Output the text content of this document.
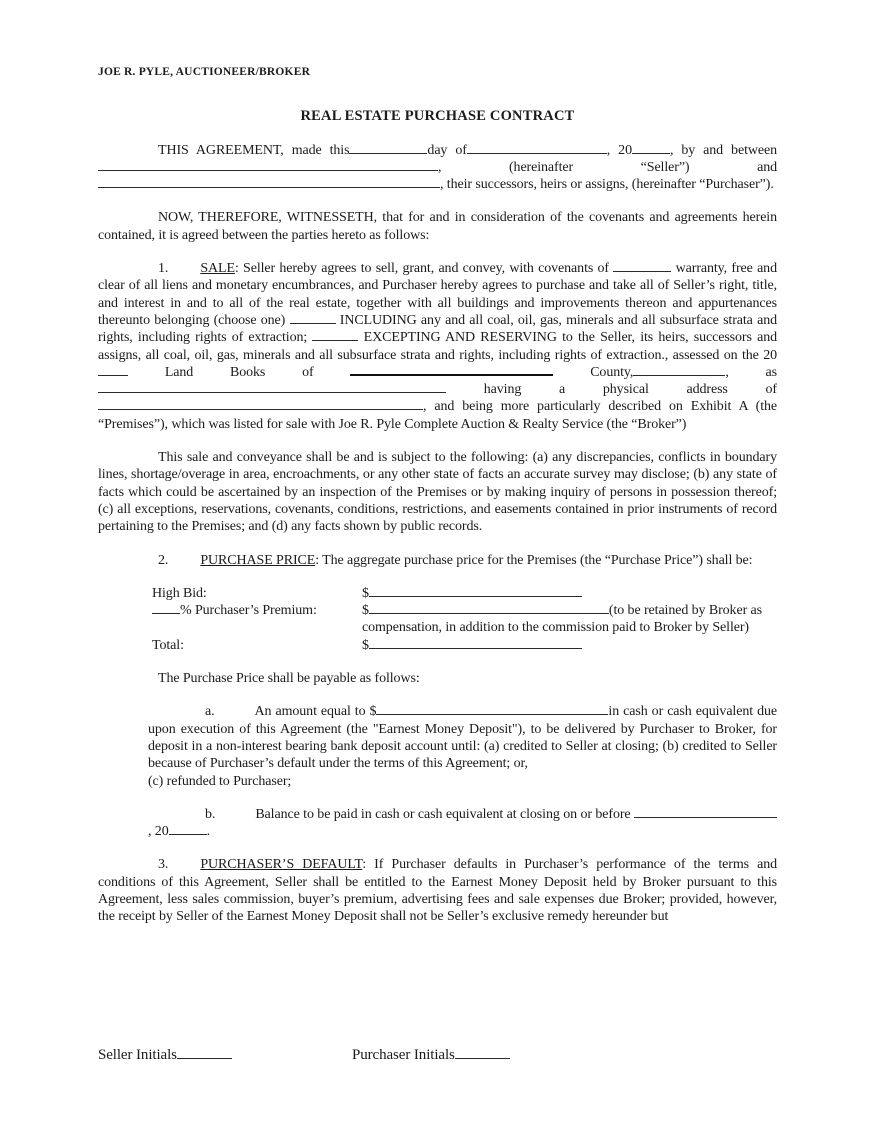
JOE R. PYLE, AUCTIONEER/BROKER
REAL ESTATE PURCHASE CONTRACT

THIS AGREEMENT, made this	day of	, 20	, by and between , (hereinafter “Seller”) and , their successors, heirs or assigns, (hereinafter “Purchaser”).

NOW, THEREFORE, WITNESSETH, that for and in consideration of the covenants and agreements herein contained, it is agreed between the parties hereto as follows:

1. SALE: Seller hereby agrees to sell, grant, and convey, with covenants of	warranty, free and clear of all liens and monetary encumbrances, and Purchaser hereby agrees to purchase and take all of Seller’s right, title, and interest in and to all of the real estate, together with all buildings and improvements thereon and appurtenances thereunto belonging (choose one)	INCLUDING any and all coal, oil, gas, minerals and all subsurface strata and rights, including rights of extraction;	EXCEPTING AND RESERVING to the Seller, its heirs, successors and assigns, all coal, oil, gas, minerals and all subsurface strata and rights, including rights of extraction., assessed on the 20 Land Books of	County,	, as having a physical address of, and being more particularly described on Exhibit A (the “Premises”), which was listed for sale with Joe R. Pyle Complete Auction & Realty Service (the “Broker”)

This sale and conveyance shall be and is subject to the following: (a) any discrepancies, conflicts in boundary lines, shortage/overage in area, encroachments, or any other state of facts an accurate survey may disclose; (b) any state of facts which could be ascertained by an inspection of the Premises or by making inquiry of persons in possession thereof; (c) all exceptions, reservations, covenants, conditions, restrictions, and easements contained in prior instruments of record pertaining to the Premises; and (d) any facts shown by public records.

2. PURCHASE PRICE: The aggregate purchase price for the Premises (the “Purchase Price”) shall be:

High Bid:	$
% Purchaser’s Premium:	$	(to be retained by Broker as compensation, in addition to the commission paid to Broker by Seller)
Total:	$

The Purchase Price shall be payable as follows:

a.	An amount equal to $	in cash or cash equivalent due upon execution of this Agreement (the "Earnest Money Deposit"), to be delivered by Purchaser to Broker, for deposit in a non-interest bearing bank deposit account until: (a) credited to Seller at closing; (b) credited to Seller because of Purchaser’s default under the terms of this Agreement; or,
(c) refunded to Purchaser;

b.	Balance to be paid in cash or cash equivalent at closing on or before , 20	.

3. PURCHASER’S DEFAULT: If Purchaser defaults in Purchaser’s performance of the terms and conditions of this Agreement, Seller shall be entitled to the Earnest Money Deposit held by Broker pursuant to this Agreement, less sales commission, buyer’s premium, advertising fees and sale expenses due Broker; provided, however, the receipt by Seller of the Earnest Money Deposit shall not be Seller’s exclusive remedy hereunder but

Seller Initials	Purchaser Initials
